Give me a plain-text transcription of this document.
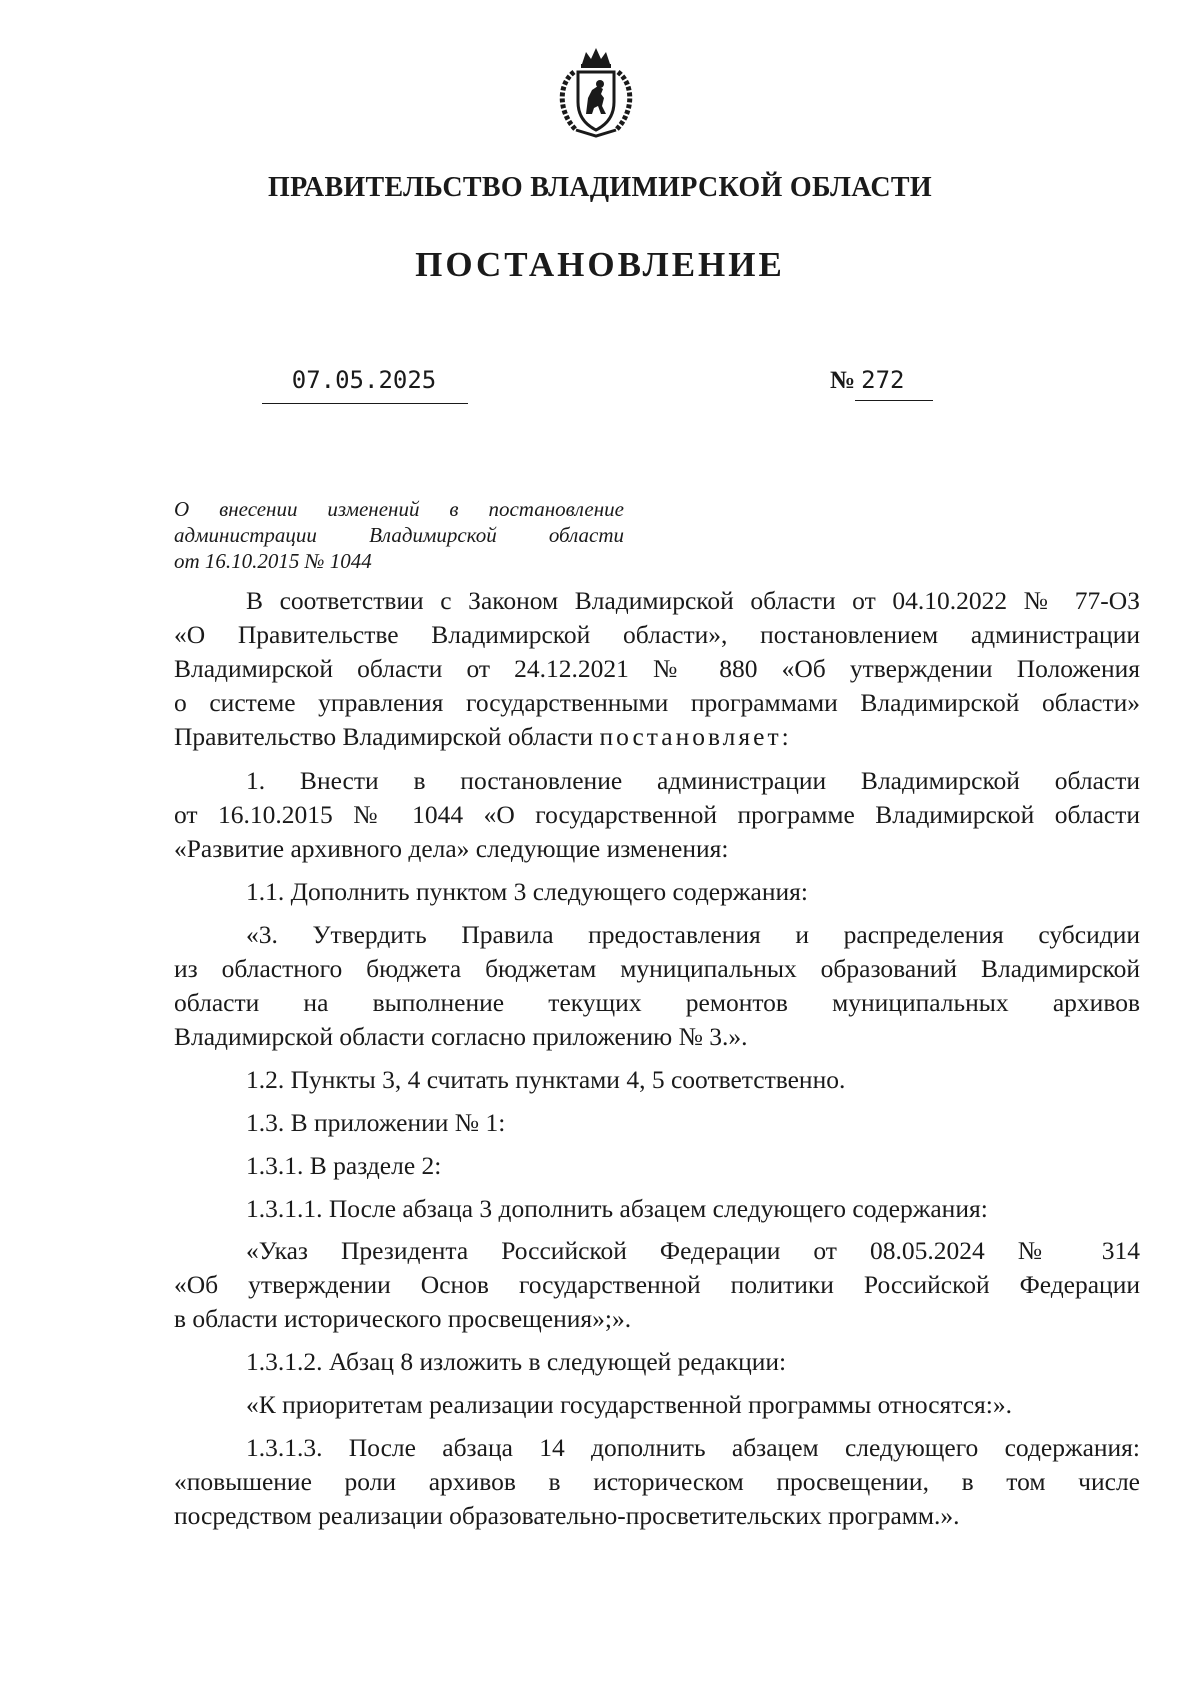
ПРАВИТЕЛЬСТВО ВЛАДИМИРСКОЙ ОБЛАСТИ
ПОСТАНОВЛЕНИЕ
07.05.2025	№ 272
О внесении изменений в постановление
администрации Владимирской области
от 16.10.2015 № 1044
В соответствии с Законом Владимирской области от 04.10.2022 № 77-ОЗ
«О Правительстве Владимирской области», постановлением администрации
Владимирской области от 24.12.2021 № 880 «Об утверждении Положения
о системе управления государственными программами Владимирской области»
Правительство Владимирской области постановляет:
1. Внести в постановление администрации Владимирской области
от 16.10.2015 № 1044 «О государственной программе Владимирской области
«Развитие архивного дела» следующие изменения:
1.1. Дополнить пунктом 3 следующего содержания:
«3. Утвердить Правила предоставления и распределения субсидии
из областного бюджета бюджетам муниципальных образований Владимирской
области на выполнение текущих ремонтов муниципальных архивов
Владимирской области согласно приложению № 3.».
1.2. Пункты 3, 4 считать пунктами 4, 5 соответственно.
1.3. В приложении № 1:
1.3.1. В разделе 2:
1.3.1.1. После абзаца 3 дополнить абзацем следующего содержания:
«Указ Президента Российской Федерации от 08.05.2024 № 314
«Об утверждении Основ государственной политики Российской Федерации
в области исторического просвещения»;».
1.3.1.2. Абзац 8 изложить в следующей редакции:
«К приоритетам реализации государственной программы относятся:».
1.3.1.3. После абзаца 14 дополнить абзацем следующего содержания:
«повышение роли архивов в историческом просвещении, в том числе
посредством реализации образовательно-просветительских программ.».
